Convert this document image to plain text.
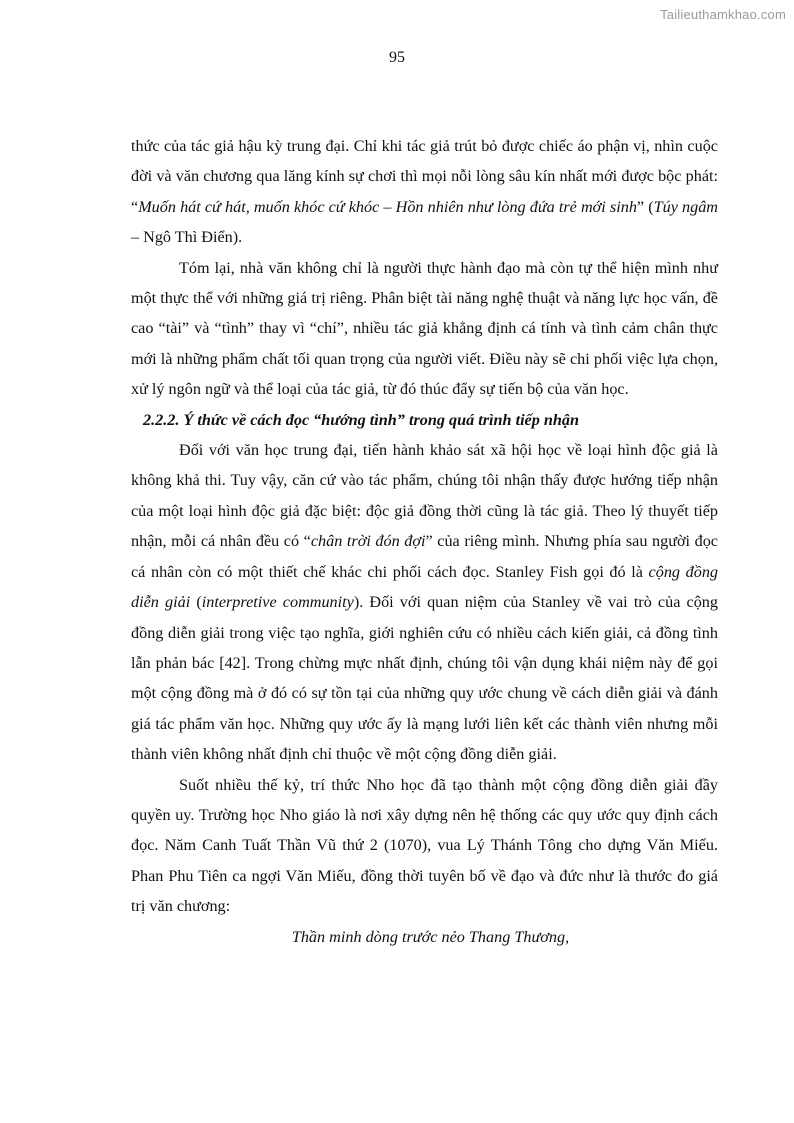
Tailieuthamkhao.com
95

thức của tác giả hậu kỳ trung đại. Chỉ khi tác giả trút bỏ được chiếc áo phận vị, nhìn cuộc đời và văn chương qua lăng kính sự chơi thì mọi nỗi lòng sâu kín nhất mới được bộc phát: “Muốn hát cứ hát, muốn khóc cứ khóc – Hồn nhiên như lòng đứa trẻ mới sinh” (Túy ngâm – Ngô Thì Điển).

Tóm lại, nhà văn không chỉ là người thực hành đạo mà còn tự thể hiện mình như một thực thể với những giá trị riêng. Phân biệt tài năng nghệ thuật và năng lực học vấn, đề cao “tài” và “tình” thay vì “chí”, nhiều tác giả khẳng định cá tính và tình cảm chân thực mới là những phẩm chất tối quan trọng của người viết. Điều này sẽ chi phối việc lựa chọn, xử lý ngôn ngữ và thể loại của tác giả, từ đó thúc đẩy sự tiến bộ của văn học.

2.2.2. Ý thức về cách đọc “hướng tình” trong quá trình tiếp nhận

Đối với văn học trung đại, tiến hành khảo sát xã hội học về loại hình độc giả là không khả thi. Tuy vậy, căn cứ vào tác phẩm, chúng tôi nhận thấy được hướng tiếp nhận của một loại hình độc giả đặc biệt: độc giả đồng thời cũng là tác giả. Theo lý thuyết tiếp nhận, mỗi cá nhân đều có “chân trời đón đợi” của riêng mình. Nhưng phía sau người đọc cá nhân còn có một thiết chế khác chi phối cách đọc. Stanley Fish gọi đó là cộng đồng diễn giải (interpretive community). Đối với quan niệm của Stanley về vai trò của cộng đồng diễn giải trong việc tạo nghĩa, giới nghiên cứu có nhiều cách kiến giải, cả đồng tình lẫn phản bác [42]. Trong chừng mực nhất định, chúng tôi vận dụng khái niệm này để gọi một cộng đồng mà ở đó có sự tồn tại của những quy ước chung về cách diễn giải và đánh giá tác phẩm văn học. Những quy ước ấy là mạng lưới liên kết các thành viên nhưng mỗi thành viên không nhất định chỉ thuộc về một cộng đồng diễn giải.

Suốt nhiều thế kỷ, trí thức Nho học đã tạo thành một cộng đồng diễn giải đầy quyền uy. Trường học Nho giáo là nơi xây dựng nên hệ thống các quy ước quy định cách đọc. Năm Canh Tuất Thần Vũ thứ 2 (1070), vua Lý Thánh Tông cho dựng Văn Miếu. Phan Phu Tiên ca ngợi Văn Miếu, đồng thời tuyên bố về đạo và đức như là thước đo giá trị văn chương:

Thần minh dòng trước nẻo Thang Thương,
